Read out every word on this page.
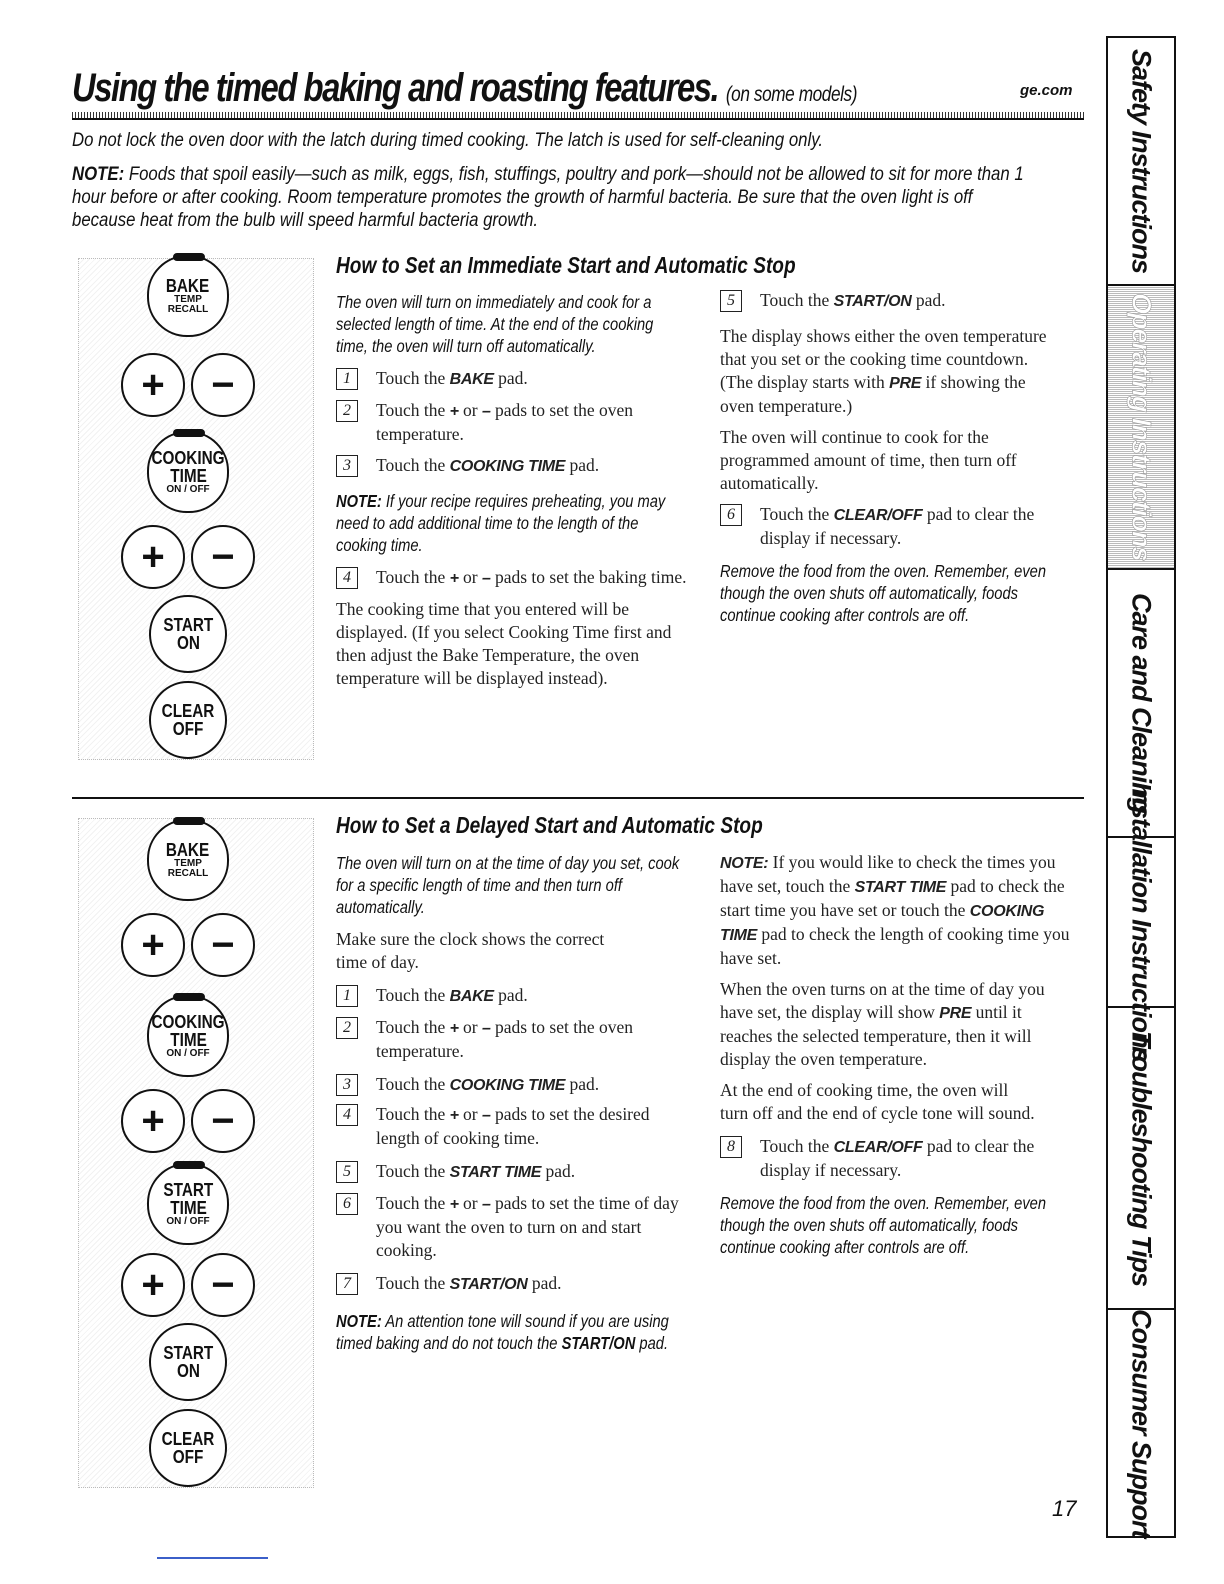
Using the timed baking and roasting features. (on some models)	ge.com
Do not lock the oven door with the latch during timed cooking. The latch is used for self-cleaning only.
NOTE: Foods that spoil easily—such as milk, eggs, fish, stuffings, poultry and pork—should not be allowed to sit for more than 1 hour before or after cooking. Room temperature promotes the growth of harmful bacteria. Be sure that the oven light is off because heat from the bulb will speed harmful bacteria growth.
BAKE
TEMP
RECALL
+	−
COOKING
TIME
ON / OFF
+	−
START
ON
CLEAR
OFF
How to Set an Immediate Start and Automatic Stop
The oven will turn on immediately and cook for a selected length of time. At the end of the cooking time, the oven will turn off automatically.
1	Touch the BAKE pad.
2	Touch the + or – pads to set the oven temperature.
3	Touch the COOKING TIME pad.
NOTE: If your recipe requires preheating, you may need to add additional time to the length of the cooking time.
4	Touch the + or – pads to set the baking time.
The cooking time that you entered will be displayed. (If you select Cooking Time first and then adjust the Bake Temperature, the oven temperature will be displayed instead).
5	Touch the START/ON pad.
The display shows either the oven temperature that you set or the cooking time countdown. (The display starts with PRE if showing the oven temperature.)
The oven will continue to cook for the programmed amount of time, then turn off automatically.
6	Touch the CLEAR/OFF pad to clear the display if necessary.
Remove the food from the oven. Remember, even though the oven shuts off automatically, foods continue cooking after controls are off.
BAKE
TEMP
RECALL
+	−
COOKING
TIME
ON / OFF
+	−
START
TIME
ON / OFF
+	−
START
ON
CLEAR
OFF
How to Set a Delayed Start and Automatic Stop
The oven will turn on at the time of day you set, cook for a specific length of time and then turn off automatically.
Make sure the clock shows the correct time of day.
1	Touch the BAKE pad.
2	Touch the + or – pads to set the oven temperature.
3	Touch the COOKING TIME pad.
4	Touch the + or – pads to set the desired length of cooking time.
5	Touch the START TIME pad.
6	Touch the + or – pads to set the time of day you want the oven to turn on and start cooking.
7	Touch the START/ON pad.
NOTE: An attention tone will sound if you are using timed baking and do not touch the START/ON pad.
NOTE: If you would like to check the times you have set, touch the START TIME pad to check the start time you have set or touch the COOKING TIME pad to check the length of cooking time you have set.
When the oven turns on at the time of day you have set, the display will show PRE until it reaches the selected temperature, then it will display the oven temperature.
At the end of cooking time, the oven will turn off and the end of cycle tone will sound.
8	Touch the CLEAR/OFF pad to clear the display if necessary.
Remove the food from the oven. Remember, even though the oven shuts off automatically, foods continue cooking after controls are off.
Safety Instructions
Operating Instructions
Care and Cleaning
Installation Instructions
Troubleshooting Tips
Consumer Support
17
